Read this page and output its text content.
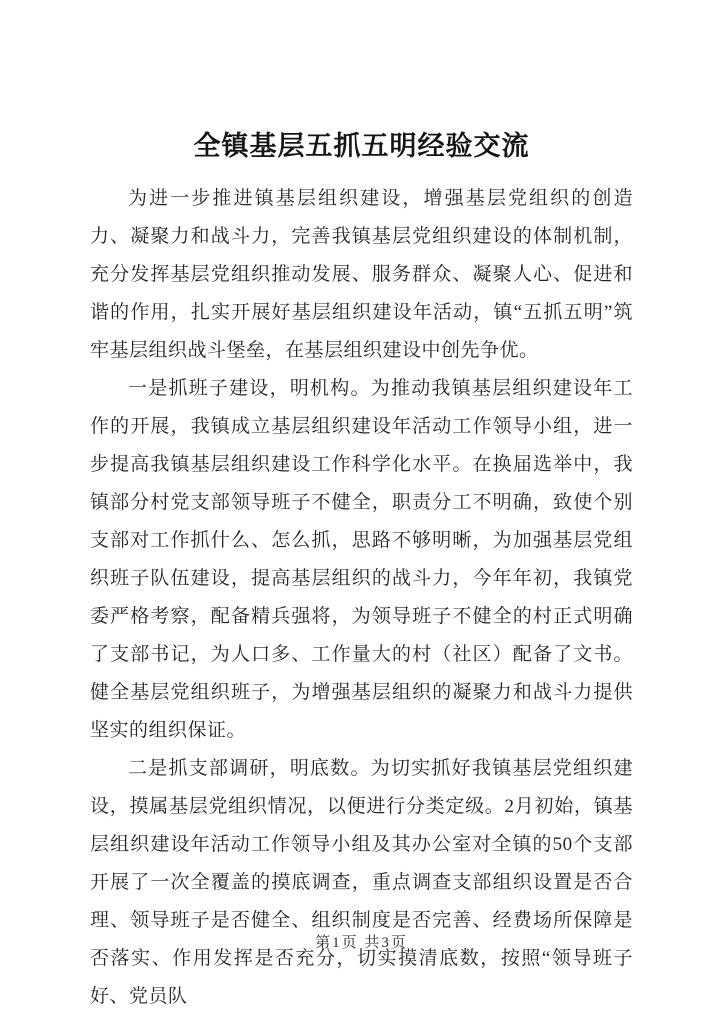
全镇基层五抓五明经验交流

为进一步推进镇基层组织建设，增强基层党组织的创造力、凝聚力和战斗力，完善我镇基层党组织建设的体制机制，充分发挥基层党组织推动发展、服务群众、凝聚人心、促进和谐的作用，扎实开展好基层组织建设年活动，镇“五抓五明”筑牢基层组织战斗堡垒，在基层组织建设中创先争优。

一是抓班子建设，明机构。为推动我镇基层组织建设年工作的开展，我镇成立基层组织建设年活动工作领导小组，进一步提高我镇基层组织建设工作科学化水平。在换届选举中，我镇部分村党支部领导班子不健全，职责分工不明确，致使个别支部对工作抓什么、怎么抓，思路不够明晰，为加强基层党组织班子队伍建设，提高基层组织的战斗力，今年年初，我镇党委严格考察，配备精兵强将，为领导班子不健全的村正式明确了支部书记，为人口多、工作量大的村（社区）配备了文书。健全基层党组织班子，为增强基层组织的凝聚力和战斗力提供坚实的组织保证。

二是抓支部调研，明底数。为切实抓好我镇基层党组织建设，摸属基层党组织情况，以便进行分类定级。2月初始，镇基层组织建设年活动工作领导小组及其办公室对全镇的50个支部开展了一次全覆盖的摸底调查，重点调查支部组织设置是否合理、领导班子是否健全、组织制度是否完善、经费场所保障是否落实、作用发挥是否充分，切实摸清底数，按照“领导班子好、党员队

第1页 共3页
